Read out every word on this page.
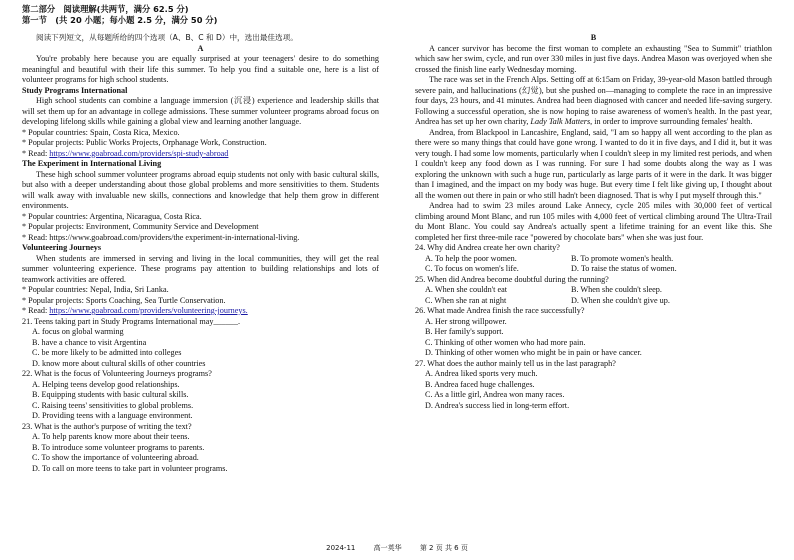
第二部分　阅读理解(共两节，满分 62.5 分)
第一节　(共 20 小题；每小题 2.5 分，满分 50 分)

阅读下列短文，从每题所给的四个选项（A、B、C 和 D）中，选出最佳选项。

A

You're probably here because you are equally surprised at your teenagers' desire to do something meaningful and beautiful with their life this summer. To help you find a suitable one, here is a list of volunteer programs for high school students.

Study Programs International

High school students can combine a language immersion (沉浸) experience and leadership skills that will set them up for an advantage in college admissions. These summer volunteer programs abroad focus on developing lifelong skills while gaining a global view and learning another language.

* Popular countries: Spain, Costa Rica, Mexico.

* Popular projects: Public Works Projects, Orphanage Work, Construction.

* Read: https://www.goabroad.com/providers/spi-study-abroad

The Experiment in International Living

These high school summer volunteer programs abroad equip students not only with basic cultural skills, but also with a deeper understanding about those global problems and more sensitivities to them. Students will walk away with invaluable new skills, connections and knowledge that help them grow in different environments.

* Popular countries: Argentina, Nicaragua, Costa Rica.

* Popular projects: Environment, Community Service and Development

* Read: https://www.goabroad.com/providers/the experiment-in-international-living.

Volunteering Journeys

When students are immersed in serving and living in the local communities, they will get the real summer volunteering experience. These programs pay attention to building relationships and lots of teamwork activities are offered.

* Popular countries: Nepal, India, Sri Lanka.

* Popular projects: Sports Coaching, Sea Turtle Conservation.

* Read: https://www.goabroad.com/providers/volunteering-journeys.

21. Teens taking part in Study Programs International may______.

A. focus on global warming

B. have a chance to visit Argentina

C. be more likely to be admitted into colleges

D. know more about cultural skills of other countries

22. What is the focus of Volunteering Journeys programs?

A. Helping teens develop good relationships.

B. Equipping students with basic cultural skills.

C. Raising teens' sensitivities to global problems.

D. Providing teens with a language environment.

23. What is the author's purpose of writing the text?

A. To help parents know more about their teens.

B. To introduce some volunteer programs to parents.

C. To show the importance of volunteering abroad.

D. To call on more teens to take part in volunteer programs.

B

A cancer survivor has become the first woman to complete an exhausting "Sea to Summit" triathlon which saw her swim, cycle, and run over 330 miles in just five days. Andrea Mason was overjoyed when she crossed the finish line early Wednesday morning.

The race was set in the French Alps. Setting off at 6:15am on Friday, 39-year-old Mason battled through severe pain, and hallucinations (幻觉), but she pushed on—managing to complete the race in an impressive four days, 23 hours, and 41 minutes. Andrea had been diagnosed with cancer and needed life-saving surgery. Following a successful operation, she is now hoping to raise awareness of women's health. In the past year, Andrea has set up her own charity, Lady Talk Matters, in order to improve surrounding females' health.

Andrea, from Blackpool in Lancashire, England, said, "I am so happy all went according to the plan as there were so many things that could have gone wrong. I wanted to do it in five days, and I did it, but it was very tough. I had some low moments, particularly when I couldn't sleep in my limited rest periods, and when I couldn't keep any food down as I was running. For sure I had some doubts along the way as I was exploring the unknown with such a huge run, particularly as large parts of it were in the dark. It was bigger than I imagined, and the impact on my body was huge. But every time I felt like giving up, I thought about all the women out there in pain or who still hadn't been diagnosed. That is why I put myself through this."

Andrea had to swim 23 miles around Lake Annecy, cycle 205 miles with 30,000 feet of vertical climbing around Mont Blanc, and run 105 miles with 4,000 feet of vertical climbing around The Ultra-Trail du Mont Blanc. You could say Andrea's actually spent a lifetime training for an event like this. She completed her first three-mile race "powered by chocolate bars" when she was just four.

24. Why did Andrea create her own charity?

A. To help the poor women.	B. To promote women's health.
C. To focus on women's life.	D. To raise the status of women.

25. When did Andrea become doubtful during the running?

A. When she couldn't eat	B. When she couldn't sleep.
C. When she ran at night	D. When she couldn't give up.

26. What made Andrea finish the race successfully?

A. Her strong willpower.

B. Her family's support.

C. Thinking of other women who had more pain.

D. Thinking of other women who might be in pain or have cancer.

27. What does the author mainly tell us in the last paragraph?

A. Andrea liked sports very much.

B. Andrea faced huge challenges.

C. As a little girl, Andrea won many races.

D. Andrea's success lied in long-term effort.

2024-11	高一英华	第 2 页 共 6 页
